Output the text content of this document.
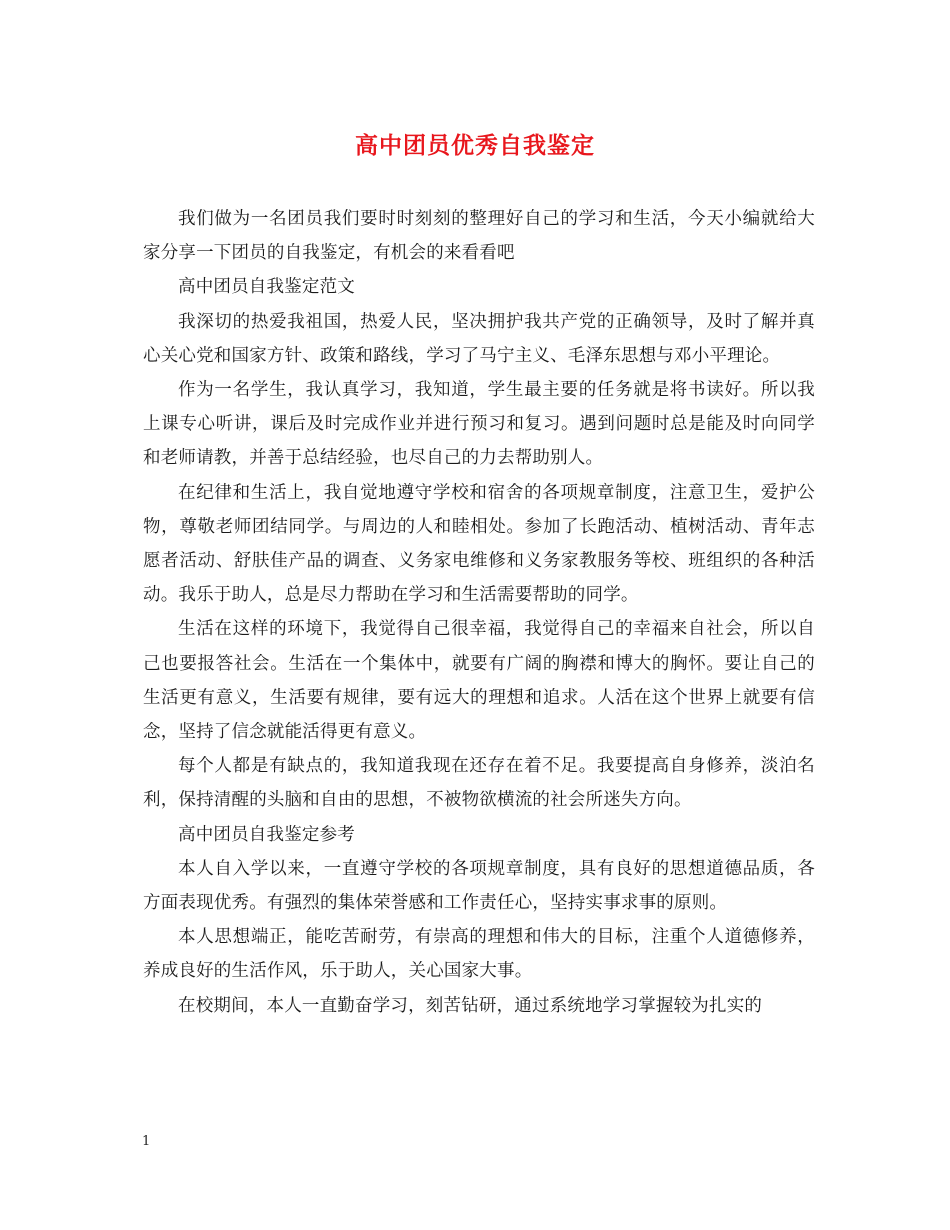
高中团员优秀自我鉴定

我们做为一名团员我们要时时刻刻的整理好自己的学习和生活，今天小编就给大家分享一下团员的自我鉴定，有机会的来看看吧

高中团员自我鉴定范文

我深切的热爱我祖国，热爱人民，坚决拥护我共产党的正确领导，及时了解并真心关心党和国家方针、政策和路线，学习了马宁主义、毛泽东思想与邓小平理论。

作为一名学生，我认真学习，我知道，学生最主要的任务就是将书读好。所以我上课专心听讲，课后及时完成作业并进行预习和复习。遇到问题时总是能及时向同学和老师请教，并善于总结经验，也尽自己的力去帮助别人。

在纪律和生活上，我自觉地遵守学校和宿舍的各项规章制度，注意卫生，爱护公物，尊敬老师团结同学。与周边的人和睦相处。参加了长跑活动、植树活动、青年志愿者活动、舒肤佳产品的调查、义务家电维修和义务家教服务等校、班组织的各种活动。我乐于助人，总是尽力帮助在学习和生活需要帮助的同学。

生活在这样的环境下，我觉得自己很幸福，我觉得自己的幸福来自社会，所以自己也要报答社会。生活在一个集体中，就要有广阔的胸襟和博大的胸怀。要让自己的生活更有意义，生活要有规律，要有远大的理想和追求。人活在这个世界上就要有信念，坚持了信念就能活得更有意义。

每个人都是有缺点的，我知道我现在还存在着不足。我要提高自身修养，淡泊名利，保持清醒的头脑和自由的思想，不被物欲横流的社会所迷失方向。

高中团员自我鉴定参考

本人自入学以来，一直遵守学校的各项规章制度，具有良好的思想道德品质，各方面表现优秀。有强烈的集体荣誉感和工作责任心，坚持实事求事的原则。

本人思想端正，能吃苦耐劳，有崇高的理想和伟大的目标，注重个人道德修养，养成良好的生活作风，乐于助人，关心国家大事。

在校期间，本人一直勤奋学习，刻苦钻研，通过系统地学习掌握较为扎实的

1
